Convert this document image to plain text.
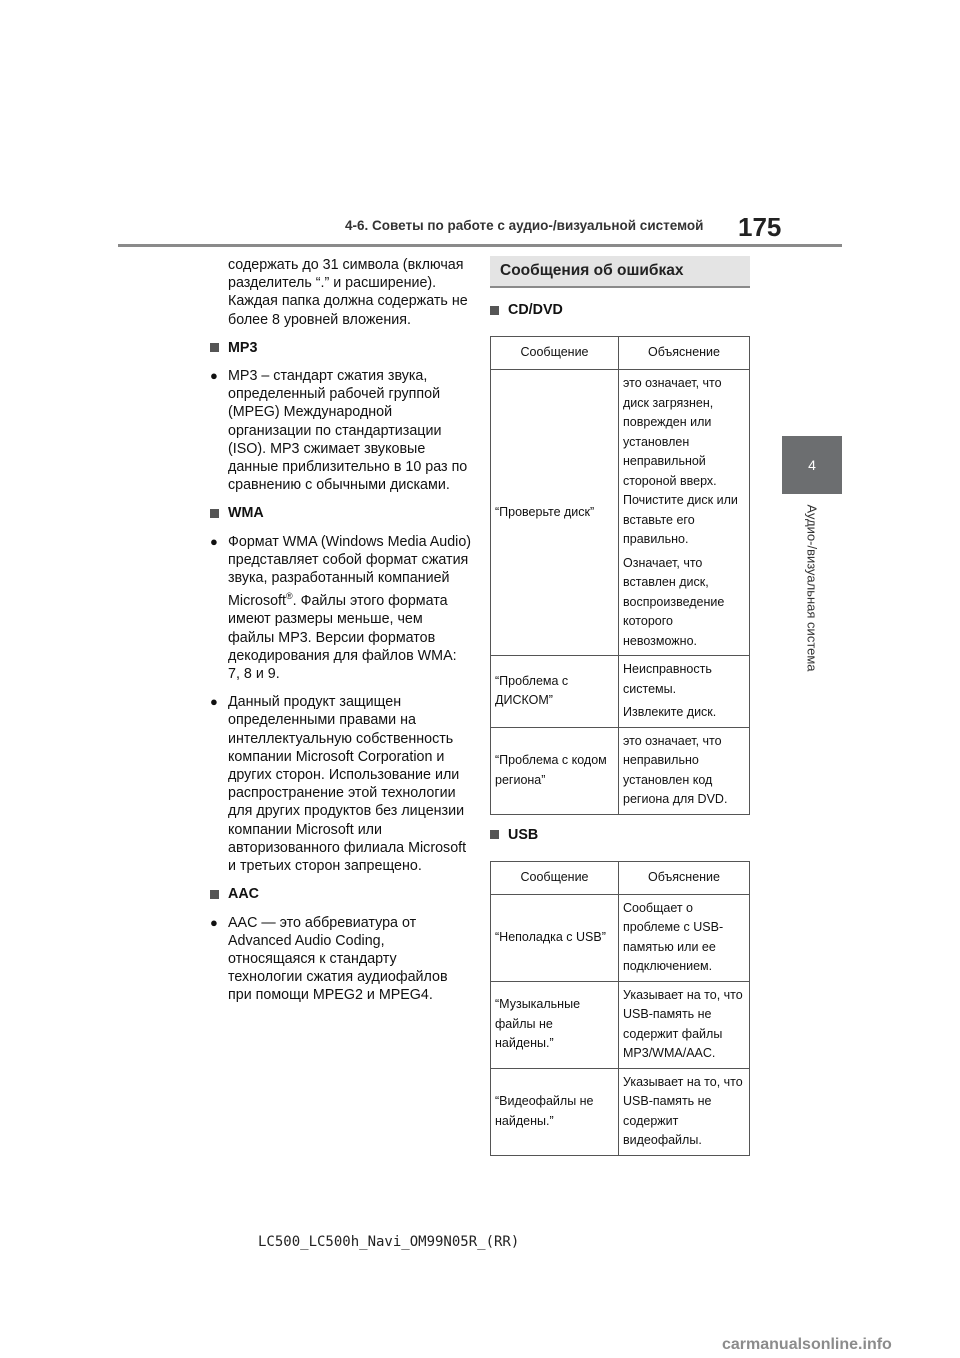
4-6. Советы по работе с аудио-/визуальной системой 175
4
Аудио-/визуальная система
содержать до 31 символа (включая разделитель “.” и расширение). Каждая папка должна содержать не более 8 уровней вложения.
MP3
● MP3 – стандарт сжатия звука, определенный рабочей группой (MPEG) Международной организации по стандартизации (ISO). MP3 сжимает звуковые данные приблизительно в 10 раз по сравнению с обычными дисками.
WMA
● Формат WMA (Windows Media Audio) представляет собой формат сжатия звука, разработанный компанией Microsoft®. Файлы этого формата имеют размеры меньше, чем файлы MP3. Версии форматов декодирования для файлов WMA: 7, 8 и 9.
● Данный продукт защищен определенными правами на интеллектуальную собственность компании Microsoft Corporation и других сторон. Использование или распространение этой технологии для других продуктов без лицензии компании Microsoft или авторизованного филиала Microsoft и третьих сторон запрещено.
AAC
● AAC — это аббревиатура от Advanced Audio Coding, относящаяся к стандарту технологии сжатия аудиофайлов при помощи MPEG2 и MPEG4.
Сообщения об ошибках
CD/DVD
Сообщение	Объяснение
“Проверьте диск”	это означает, что диск загрязнен, поврежден или установлен неправильной стороной вверх. Почистите диск или вставьте его правильно.

Означает, что вставлен диск, воспроизведение которого невозможно.

“Проблема с ДИСКОМ”	Неисправность системы.

Извлеките диск.

“Проблема с кодом региона”	это означает, что неправильно установлен код региона для DVD.

USB
Сообщение	Объяснение
“Неполадка с USB”	Сообщает о проблеме с USB-памятью или ее подключением.

“Музыкальные файлы не найдены.”	Указывает на то, что USB-память не содержит файлы MP3/WMA/AAC.

“Видеофайлы не найдены.”	Указывает на то, что USB-память не содержит видеофайлы.

LC500_LC500h_Navi_OM99N05R_(RR)
carmanualsonline.info
